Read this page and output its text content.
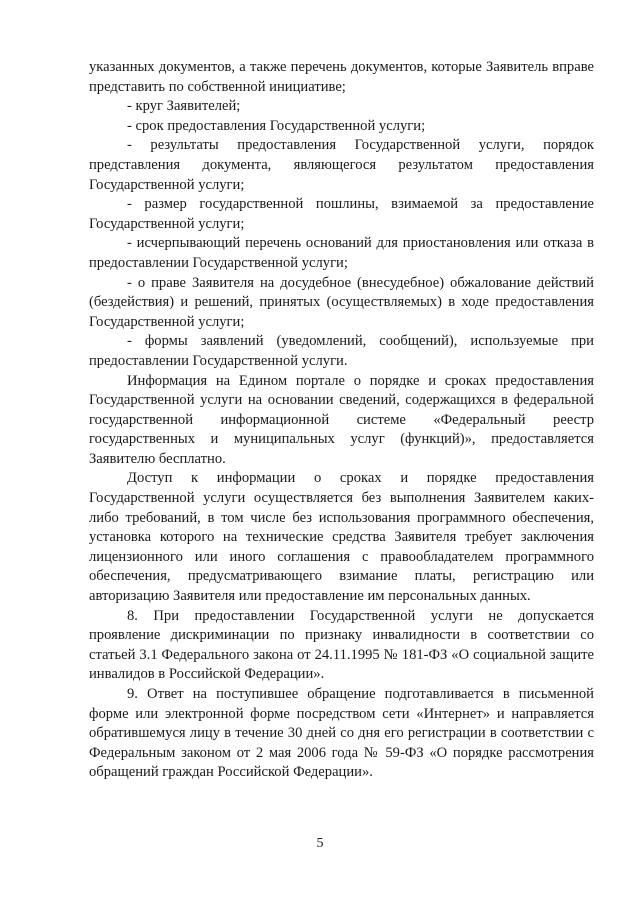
указанных документов, а также перечень документов, которые Заявитель вправе представить по собственной инициативе;

- круг Заявителей;

- срок предоставления Государственной услуги;

- результаты предоставления Государственной услуги, порядок представления документа, являющегося результатом предоставления Государственной услуги;

- размер государственной пошлины, взимаемой за предоставление Государственной услуги;

- исчерпывающий перечень оснований для приостановления или отказа в предоставлении Государственной услуги;

- о праве Заявителя на досудебное (внесудебное) обжалование действий (бездействия) и решений, принятых (осуществляемых) в ходе предоставления Государственной услуги;

- формы заявлений (уведомлений, сообщений), используемые при предоставлении Государственной услуги.

Информация на Едином портале о порядке и сроках предоставления Государственной услуги на основании сведений, содержащихся в федеральной государственной информационной системе «Федеральный реестр государственных и муниципальных услуг (функций)», предоставляется Заявителю бесплатно.

Доступ к информации о сроках и порядке предоставления Государственной услуги осуществляется без выполнения Заявителем каких-либо требований, в том числе без использования программного обеспечения, установка которого на технические средства Заявителя требует заключения лицензионного или иного соглашения с правообладателем программного обеспечения, предусматривающего взимание платы, регистрацию или авторизацию Заявителя или предоставление им персональных данных.

8. При предоставлении Государственной услуги не допускается проявление дискриминации по признаку инвалидности в соответствии со статьей 3.1 Федерального закона от 24.11.1995 № 181-ФЗ «О социальной защите инвалидов в Российской Федерации».

9. Ответ на поступившее обращение подготавливается в письменной форме или электронной форме посредством сети «Интернет» и направляется обратившемуся лицу в течение 30 дней со дня его регистрации в соответствии с Федеральным законом от 2 мая 2006 года № 59-ФЗ «О порядке рассмотрения обращений граждан Российской Федерации».

5
